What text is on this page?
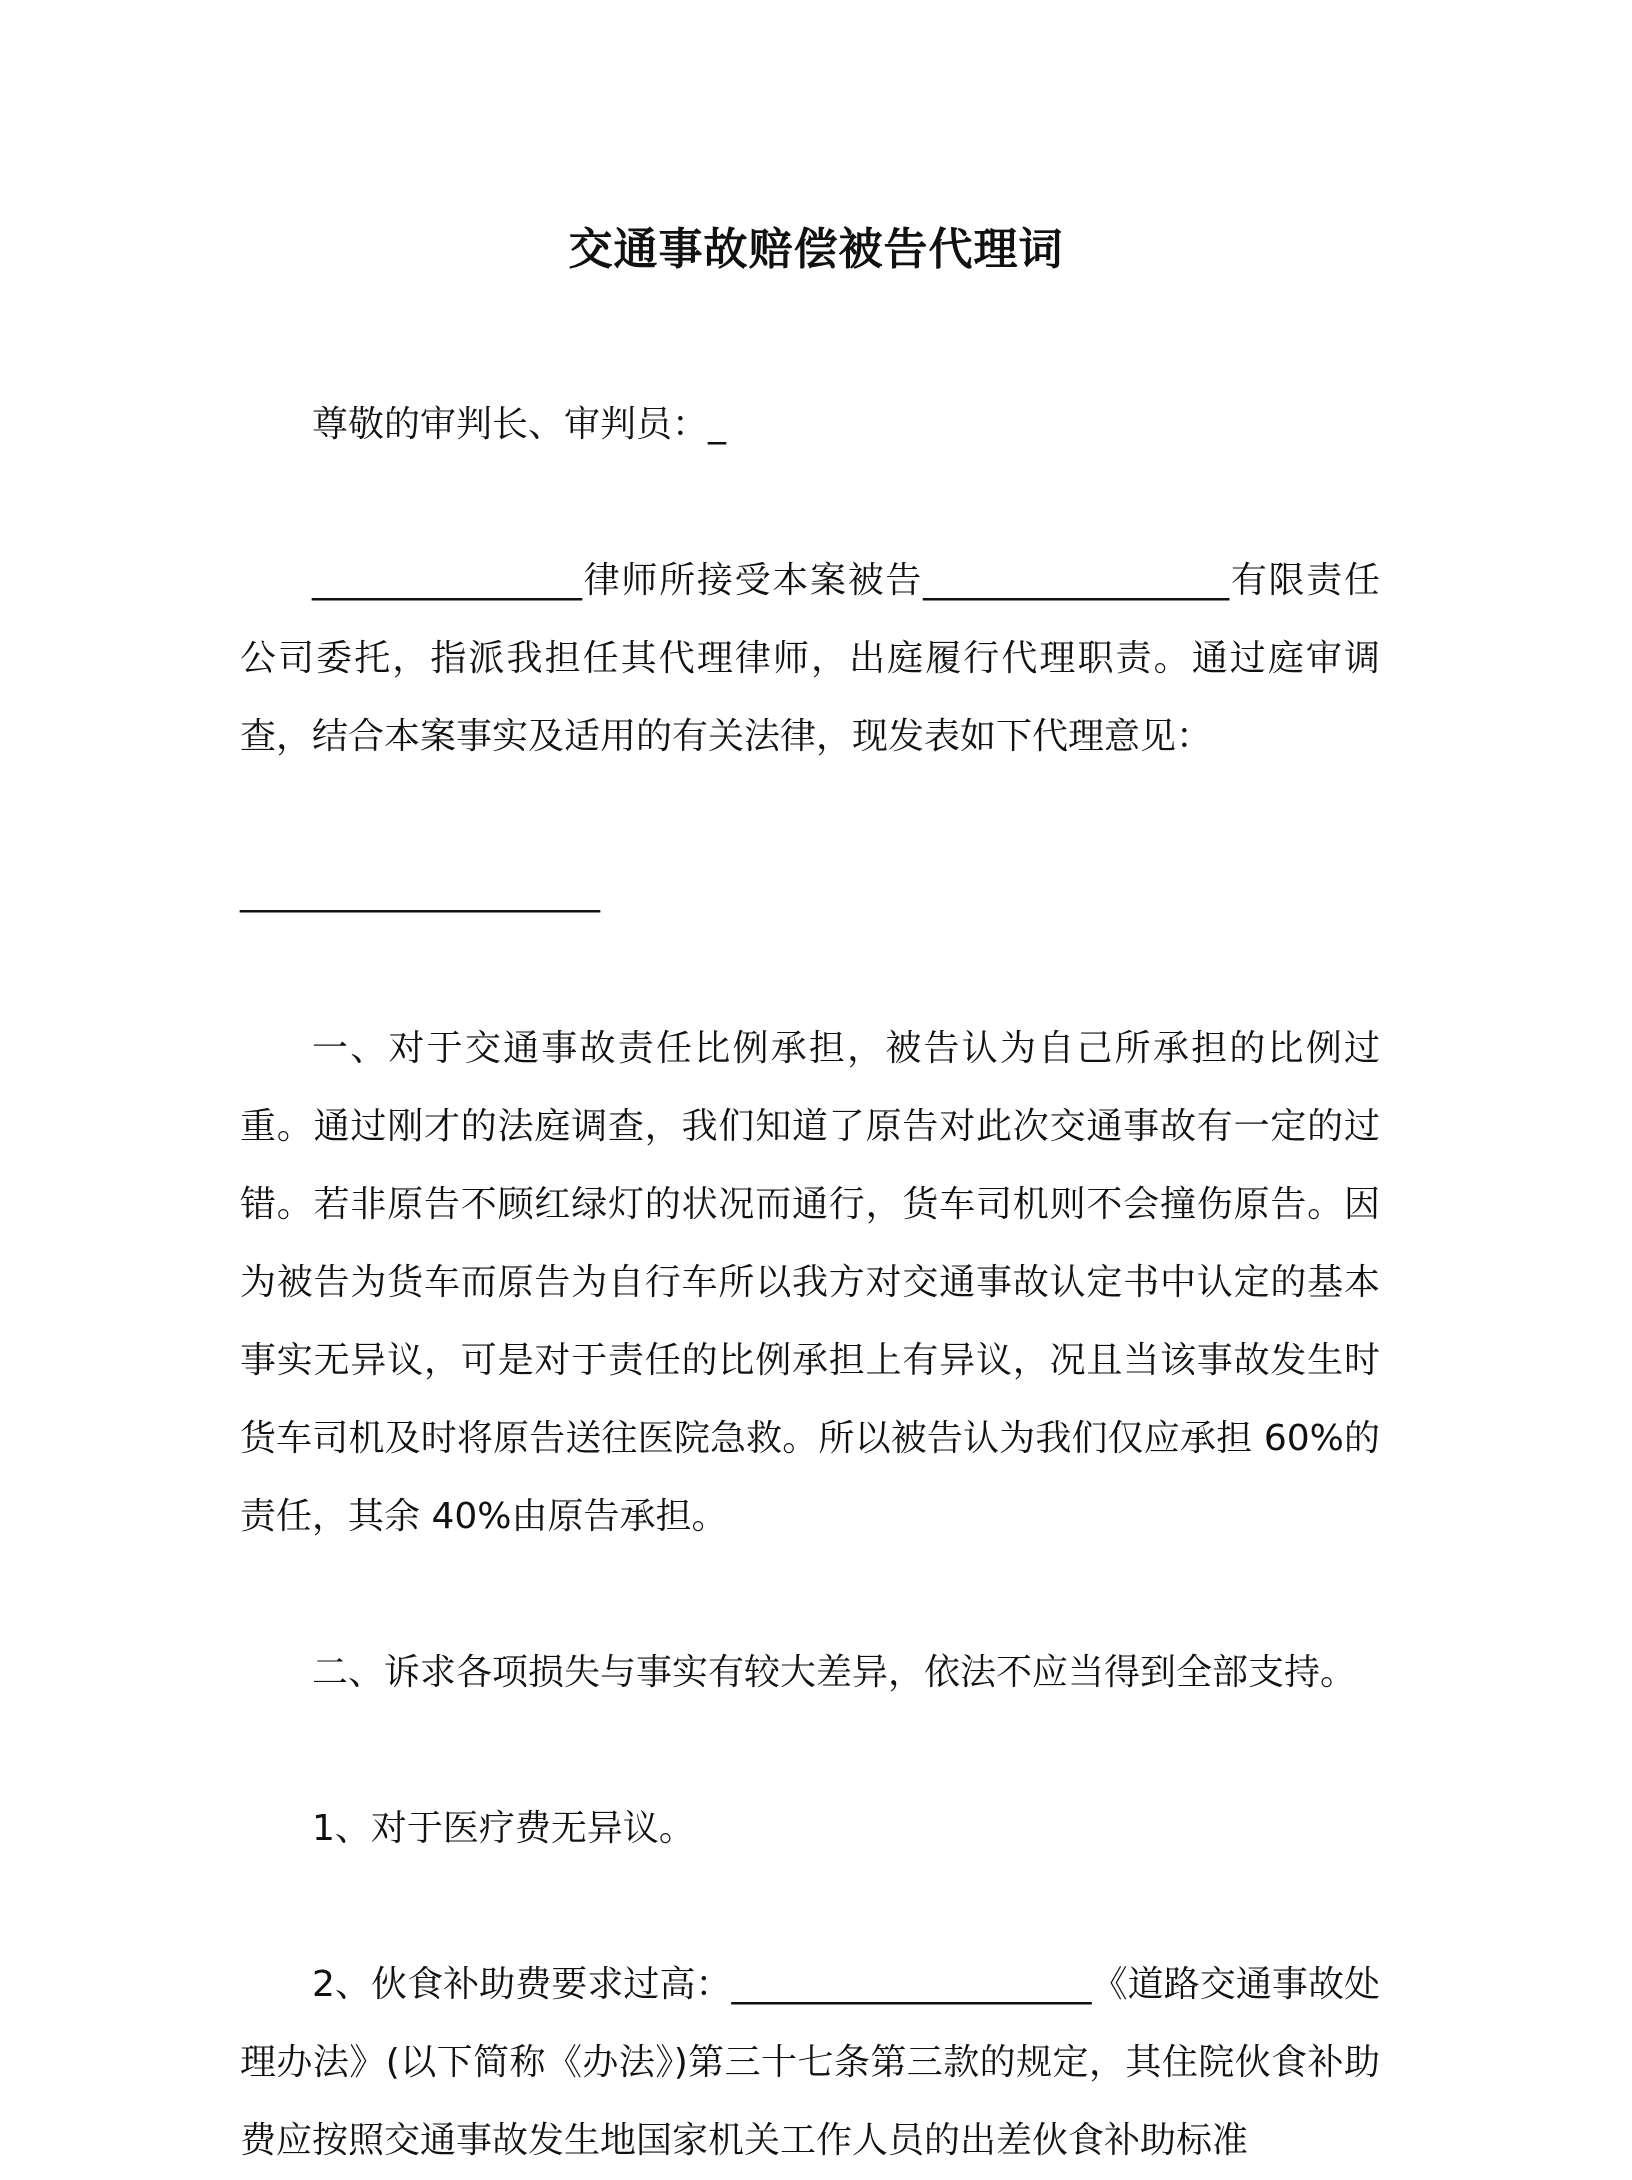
交通事故赔偿被告代理词

尊敬的审判长、审判员：_

_______________律师所接受本案被告_________________有限责任公司委托，指派我担任其代理律师，出庭履行代理职责。通过庭审调查，结合本案事实及适用的有关法律，现发表如下代理意见：

____________________

一、对于交通事故责任比例承担，被告认为自己所承担的比例过重。通过刚才的法庭调查，我们知道了原告对此次交通事故有一定的过错。若非原告不顾红绿灯的状况而通行，货车司机则不会撞伤原告。因为被告为货车而原告为自行车所以我方对交通事故认定书中认定的基本事实无异议，可是对于责任的比例承担上有异议，况且当该事故发生时货车司机及时将原告送往医院急救。所以被告认为我们仅应承担 60%的责任，其余 40%由原告承担。

二、诉求各项损失与事实有较大差异，依法不应当得到全部支持。

1、对于医疗费无异议。

2、伙食补助费要求过高：____________________《道路交通事故处理办法》(以下简称《办法》)第三十七条第三款的规定，其住院伙食补助费应按照交通事故发生地国家机关工作人员的出差伙食补助标准
